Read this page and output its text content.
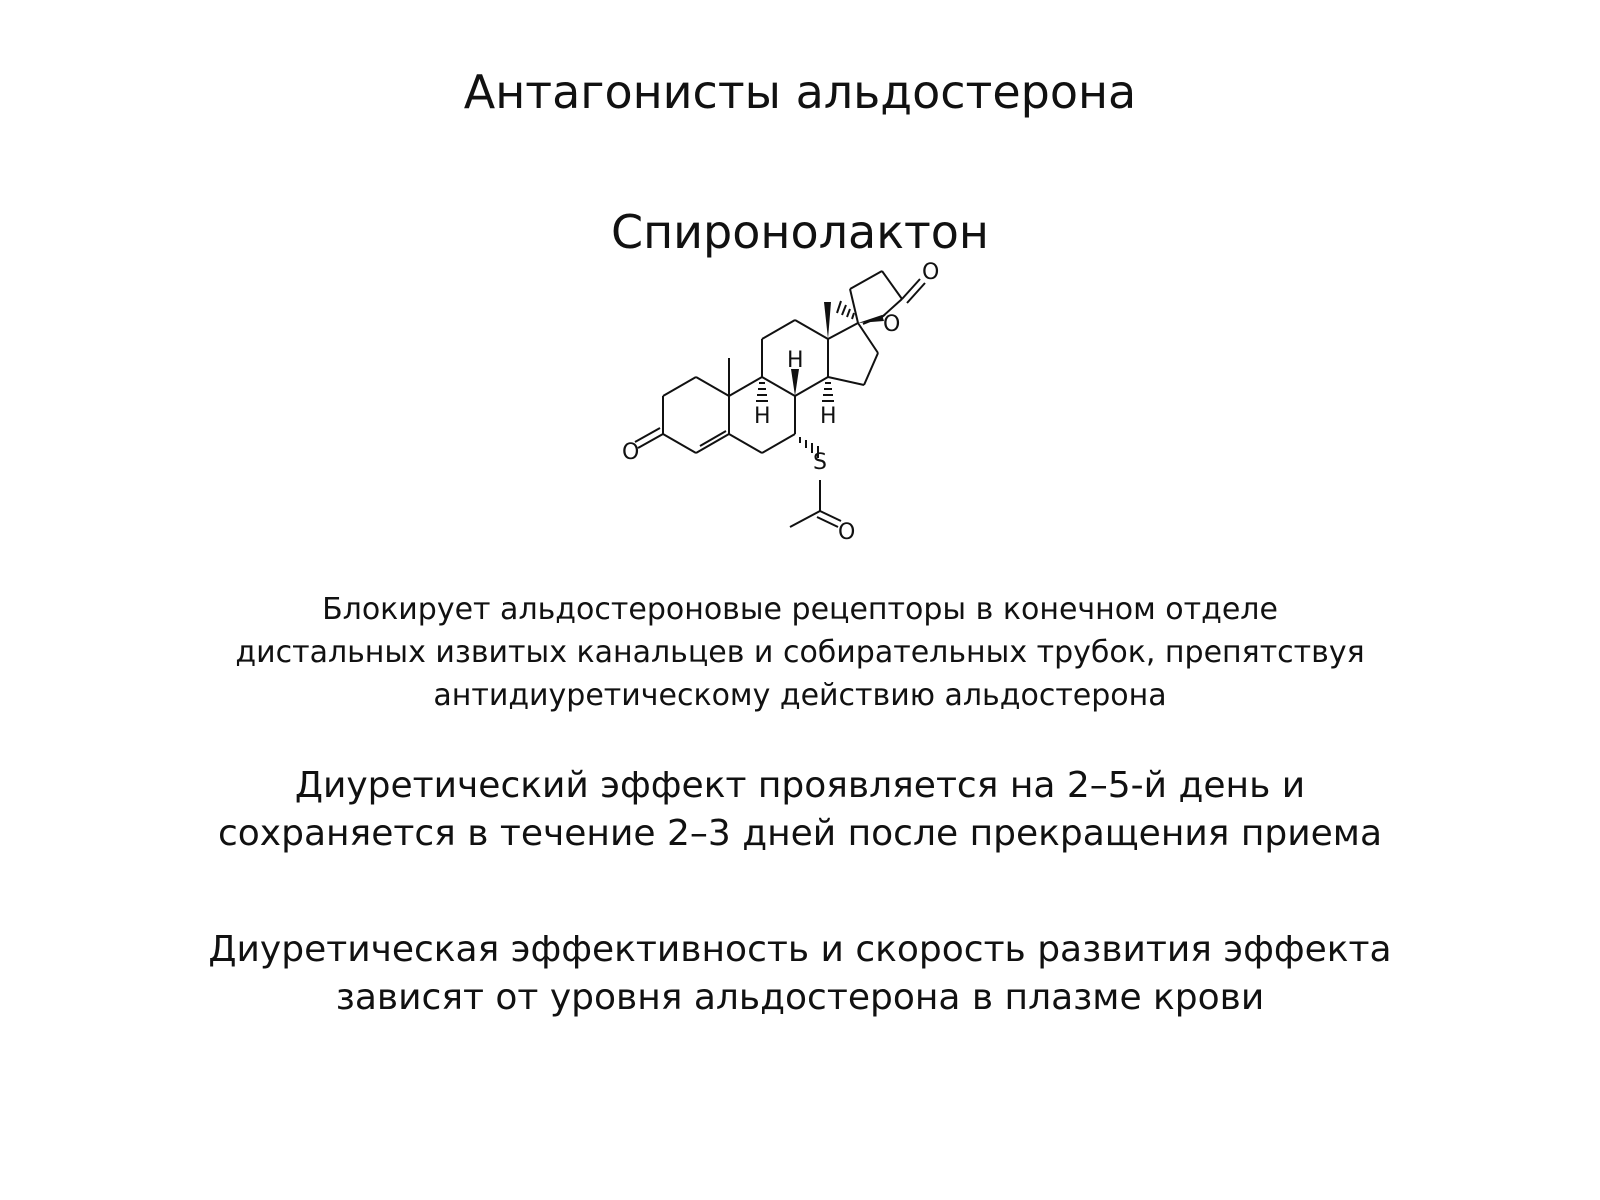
Антагонисты альдостерона
Спиронолактон
O
O
O
S
O
H
H H
Блокирует альдостероновые рецепторы в конечном отделе
дистальных извитых канальцев и собирательных трубок, препятствуя
антидиуретическому действию альдостерона
Диуретический эффект проявляется на 2–5-й день и
сохраняется в течение 2–3 дней после прекращения приема
Диуретическая эффективность и скорость развития эффекта
зависят от уровня альдостерона в плазме крови
